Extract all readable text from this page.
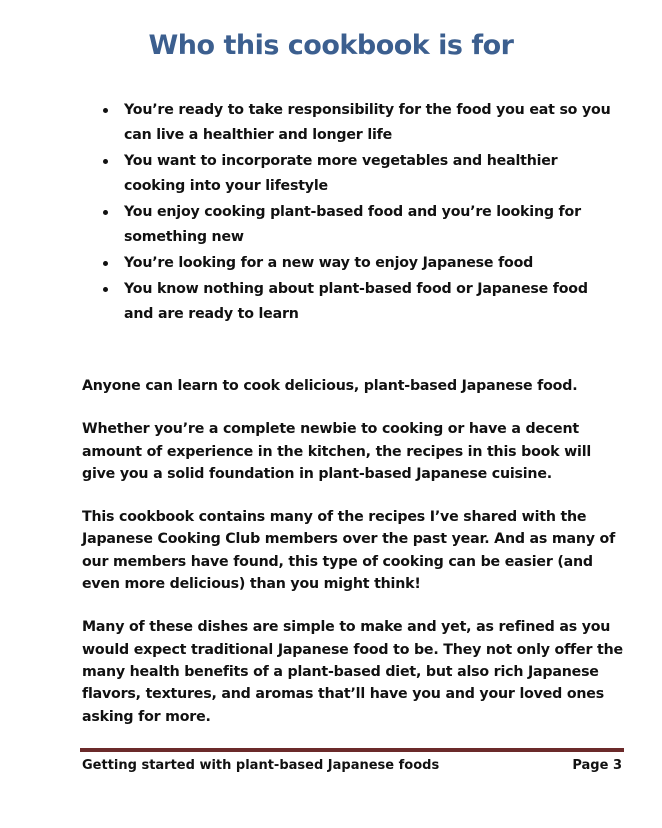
Who this cookbook is for
You’re ready to take responsibility for the food you eat so you can live a healthier and longer life
You want to incorporate more vegetables and healthier cooking into your lifestyle
You enjoy cooking plant-based food and you’re looking for something new
You’re looking for a new way to enjoy Japanese food
You know nothing about plant-based food or Japanese food and are ready to learn

Anyone can learn to cook delicious, plant-based Japanese food.

Whether you’re a complete newbie to cooking or have a decent amount of experience in the kitchen, the recipes in this book will give you a solid foundation in plant-based Japanese cuisine.

This cookbook contains many of the recipes I’ve shared with the Japanese Cooking Club members over the past year. And as many of our members have found, this type of cooking can be easier (and even more delicious) than you might think!

Many of these dishes are simple to make and yet, as refined as you would expect traditional Japanese food to be. They not only offer the many health benefits of a plant-based diet, but also rich Japanese flavors, textures, and aromas that’ll have you and your loved ones asking for more.

Getting started with plant-based Japanese foods	Page 3
